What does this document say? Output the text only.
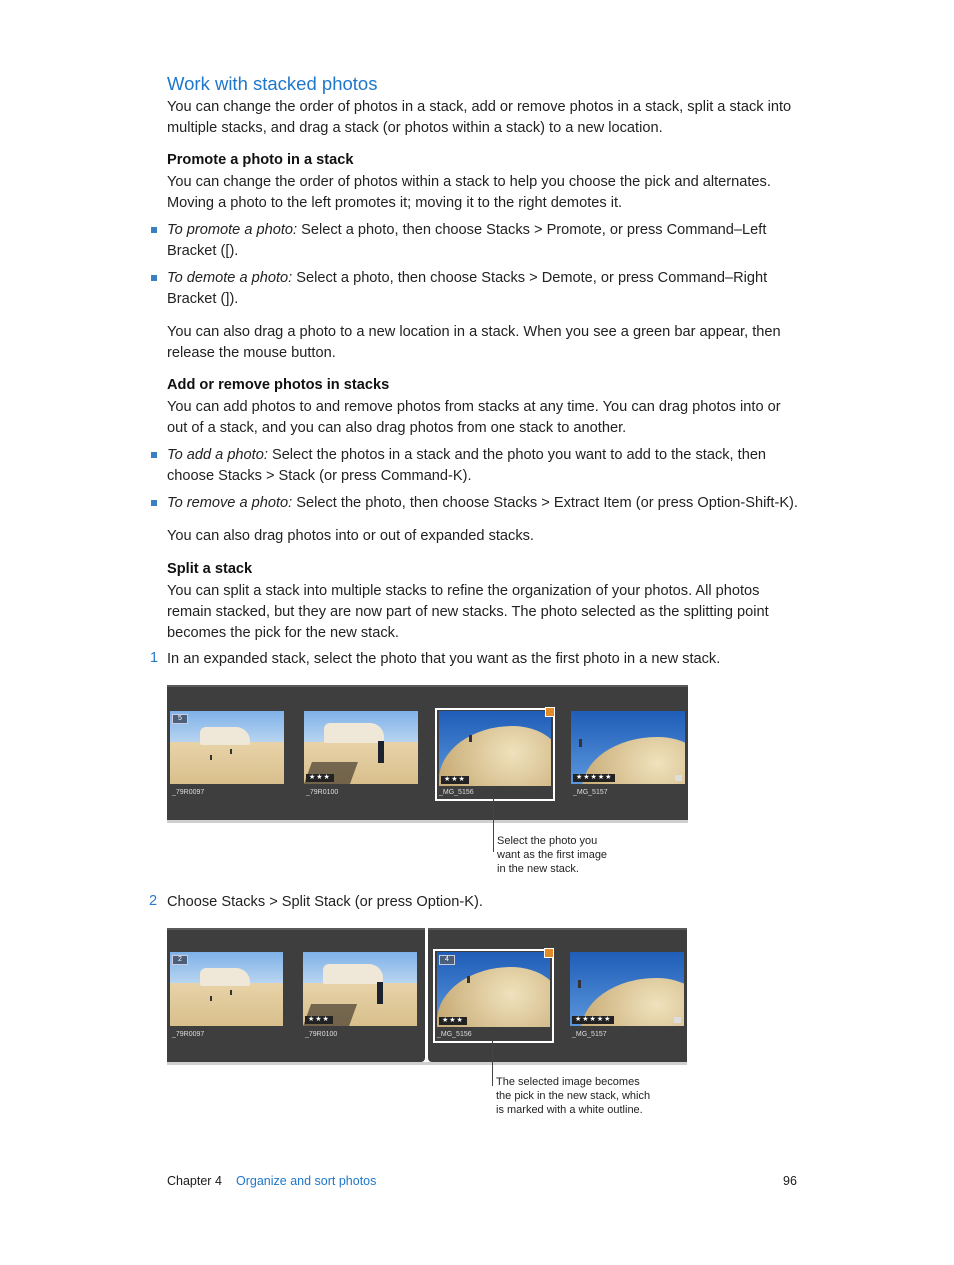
Work with stacked photos
You can change the order of photos in a stack, add or remove photos in a stack, split a stack into multiple stacks, and drag a stack (or photos within a stack) to a new location.
Promote a photo in a stack
You can change the order of photos within a stack to help you choose the pick and alternates. Moving a photo to the left promotes it; moving it to the right demotes it.
To promote a photo: Select a photo, then choose Stacks > Promote, or press Command–Left Bracket ([).
To demote a photo: Select a photo, then choose Stacks > Demote, or press Command–Right Bracket (]).
You can also drag a photo to a new location in a stack. When you see a green bar appear, then release the mouse button.
Add or remove photos in stacks
You can add photos to and remove photos from stacks at any time. You can drag photos into or out of a stack, and you can also drag photos from one stack to another.
To add a photo: Select the photos in a stack and the photo you want to add to the stack, then choose Stacks > Stack (or press Command-K).
To remove a photo: Select the photo, then choose Stacks > Extract Item (or press Option-Shift-K).
You can also drag photos into or out of expanded stacks.
Split a stack
You can split a stack into multiple stacks to refine the organization of your photos. All photos remain stacked, but they are now part of new stacks. The photo selected as the splitting point becomes the pick for the new stack.
1 In an expanded stack, select the photo that you want as the first photo in a new stack.
5
_79R0097
★★★
_79R0100
★★★
_MG_5156
★★★★★
_MG_5157
Select the photo you
want as the first image
in the new stack.
2 Choose Stacks > Split Stack (or press Option-K).
2
_79R0097
★★★
_79R0100
4
★★★
_MG_5156
★★★★★
_MG_5157
The selected image becomes
the pick in the new stack, which
is marked with a white outline.
Chapter 4 Organize and sort photos	96
